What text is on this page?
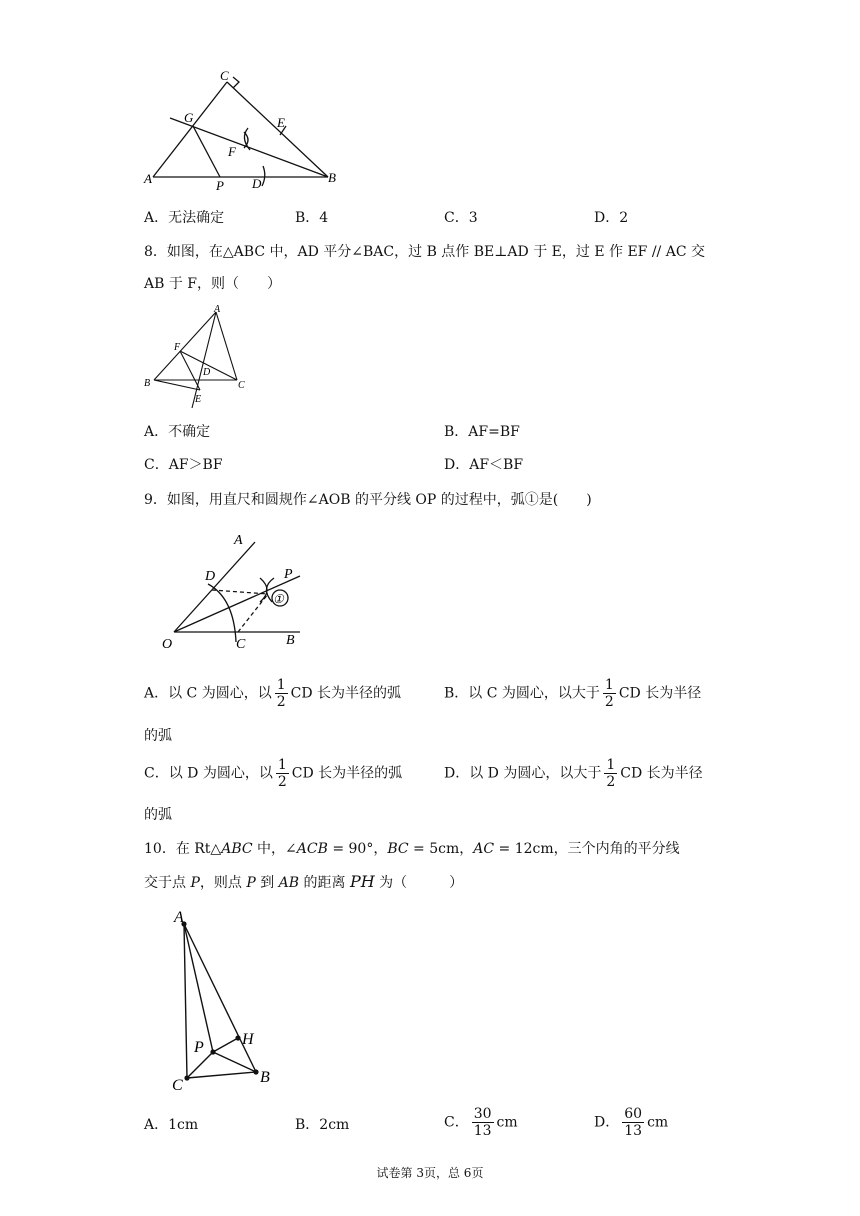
C
G	E
F
A	P D	B
A．无法确定	B．4	C．3	D．2
8．如图，在△ABC 中，AD 平分∠BAC，过 B 点作 BE⊥AD 于 E，过 E 作 EF // AC 交
AB 于 F，则（　　）
A
F
D
B	C
E
A．不确定	B．AF=BF
C．AF＞BF	D．AF＜BF
9．如图，用直尺和圆规作∠AOB 的平分线 OP 的过程中，弧①是(　　)
A
D	P
①
O	C	B
A．以 C 为圆心，以 $\frac{1}{2}$ CD 长为半径的弧	B．以 C 为圆心，以大于 $\frac{1}{2}$ CD 长为半径
的弧
C．以 D 为圆心，以 $\frac{1}{2}$ CD 长为半径的弧	D．以 D 为圆心，以大于 $\frac{1}{2}$ CD 长为半径
的弧
10．在 Rt△ABC 中，∠ACB = 90°，BC = 5cm，AC = 12cm，三个内角的平分线
交于点 P，则点 P 到 AB 的距离 PH 为（　　　）
A
P H
C	B
A．1cm	B．2cm	C． $\frac{30}{13}$ cm	D． $\frac{60}{13}$ cm
试卷第 3页，总 6页
